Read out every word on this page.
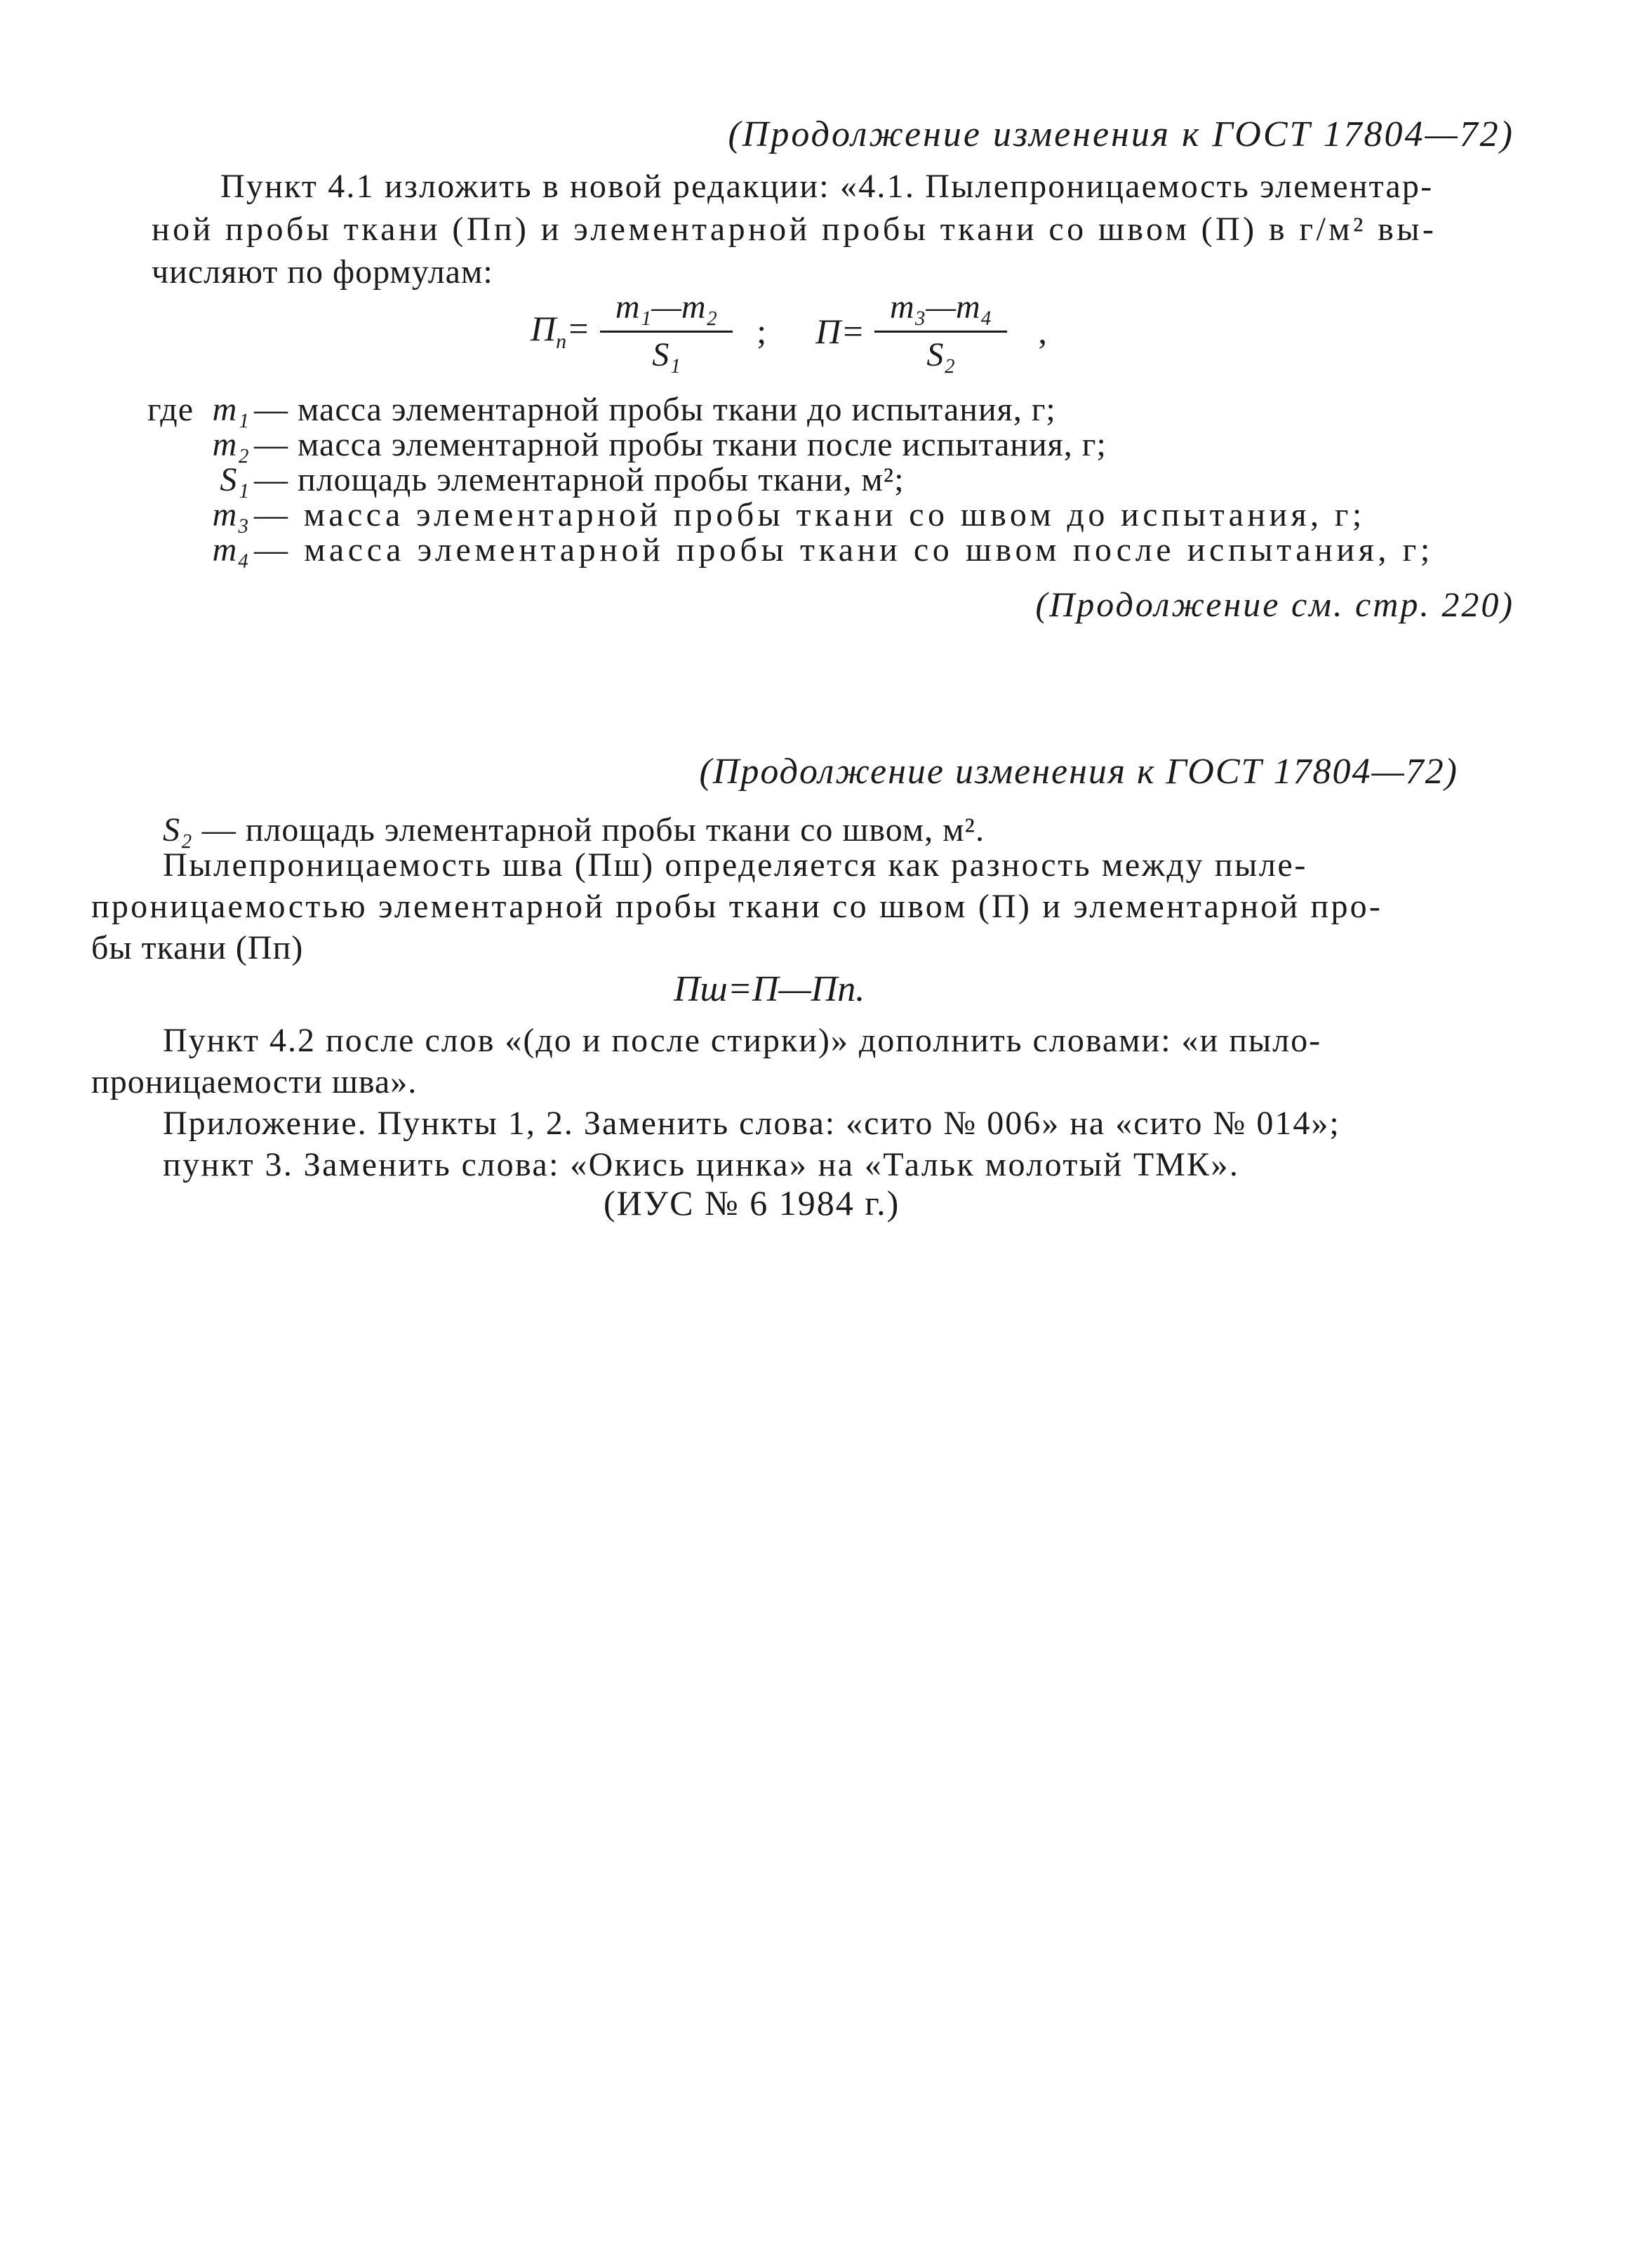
(Продолжение изменения к ГОСТ 17804—72)
Пункт 4.1 изложить в новой редакции: «4.1. Пылепроницаемость элементар-
ной пробы ткани (Пп) и элементарной пробы ткани со швом (П) в г/м² вы-
числяют по формулам:
$П_п= \frac{\text{m₁—m₂}}{\text{S₁}}$ ; $П= \frac{\text{m₃—m₄}}{\text{S₂}}$ ,
где m₁ — масса элементарной пробы ткани до испытания, г;
m₂ — масса элементарной пробы ткани после испытания, г;
S₁ — площадь элементарной пробы ткани, м²;
m₃ — масса элементарной пробы ткани со швом до испытания, г;
m₄ — масса элементарной пробы ткани со швом после испытания, г;
(Продолжение см. стр. 220)
(Продолжение изменения к ГОСТ 17804—72)
S₂ — площадь элементарной пробы ткани со швом, м².
Пылепроницаемость шва (Пш) определяется как разность между пыле-
проницаемостью элементарной пробы ткани со швом (П) и элементарной про-
бы ткани (Пп)
Пш=П—Пп.
Пункт 4.2 после слов «(до и после стирки)» дополнить словами: «и пыло-
проницаемости шва».
Приложение. Пункты 1, 2. Заменить слова: «сито № 006» на «сито № 014»;
пункт 3. Заменить слова: «Окись цинка» на «Тальк молотый ТМК».
(ИУС № 6 1984 г.)
